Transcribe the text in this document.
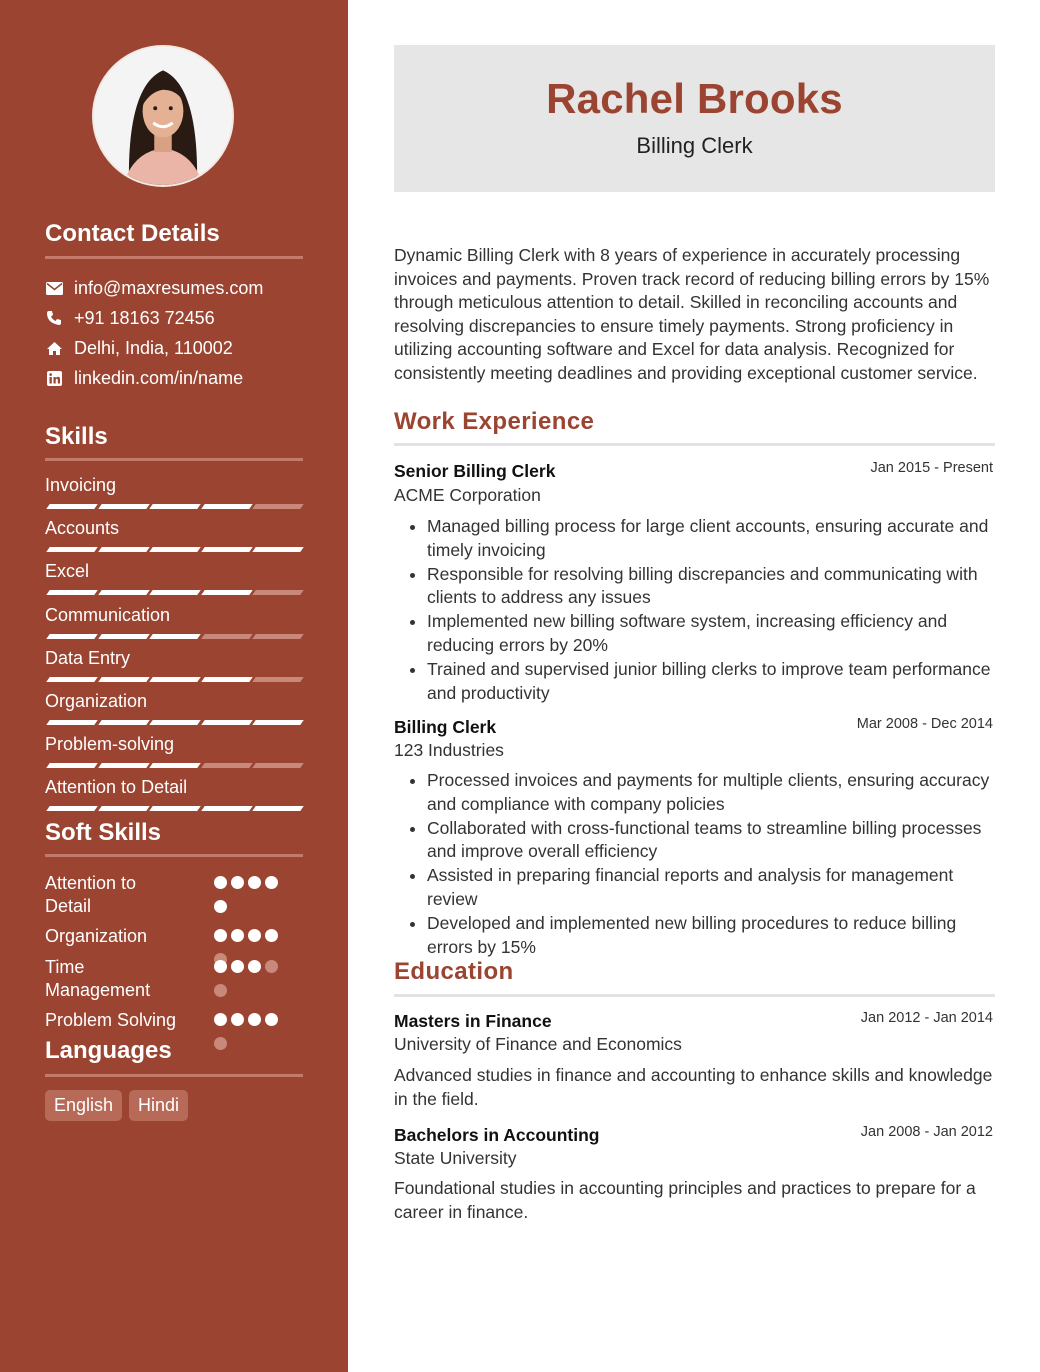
Contact Details
info@maxresumes.com
+91 18163 72456
Delhi, India, 110002
linkedin.com/in/name
Skills
Invoicing
Accounts
Excel
Communication
Data Entry
Organization
Problem-solving
Attention to Detail
Soft Skills
Attention to Detail
Organization
Time Management
Problem Solving
Languages
English	Hindi
Rachel Brooks
Billing Clerk

Dynamic Billing Clerk with 8 years of experience in accurately processing invoices and payments. Proven track record of reducing billing errors by 15% through meticulous attention to detail. Skilled in reconciling accounts and resolving discrepancies to ensure timely payments. Strong proficiency in utilizing accounting software and Excel for data analysis. Recognized for consistently meeting deadlines and providing exceptional customer service.

Work Experience
Senior Billing Clerk	Jan 2015 - Present
ACME Corporation
• Managed billing process for large client accounts, ensuring accurate and timely invoicing
• Responsible for resolving billing discrepancies and communicating with clients to address any issues
• Implemented new billing software system, increasing efficiency and reducing errors by 20%
• Trained and supervised junior billing clerks to improve team performance and productivity
Billing Clerk	Mar 2008 - Dec 2014
123 Industries
• Processed invoices and payments for multiple clients, ensuring accuracy and compliance with company policies
• Collaborated with cross-functional teams to streamline billing processes and improve overall efficiency
• Assisted in preparing financial reports and analysis for management review
• Developed and implemented new billing procedures to reduce billing errors by 15%
Education
Masters in Finance	Jan 2012 - Jan 2014
University of Finance and Economics

Advanced studies in finance and accounting to enhance skills and knowledge in the field.

Bachelors in Accounting	Jan 2008 - Jan 2012
State University

Foundational studies in accounting principles and practices to prepare for a career in finance.
